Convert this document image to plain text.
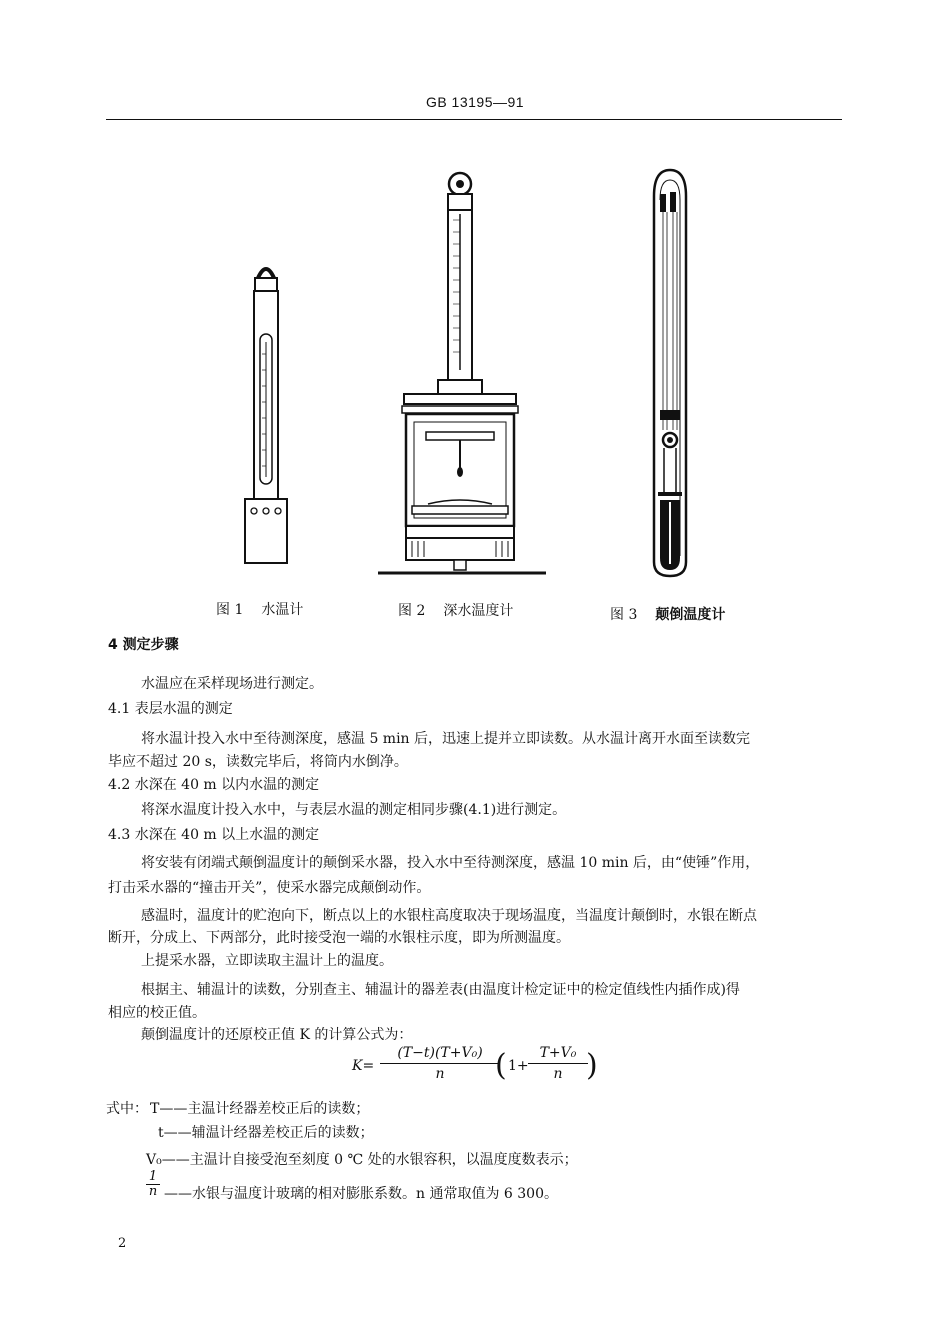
GB 13195—91
图 1 水温计	图 2 深水温度计	图 3 颠倒温度计
4 测定步骤
水温应在采样现场进行测定。
4.1 表层水温的测定
将水温计投入水中至待测深度，感温 5 min 后，迅速上提并立即读数。从水温计离开水面至读数完
毕应不超过 20 s，读数完毕后，将筒内水倒净。
4.2 水深在 40 m 以内水温的测定
将深水温度计投入水中，与表层水温的测定相同步骤(4.1)进行测定。
4.3 水深在 40 m 以上水温的测定
将安装有闭端式颠倒温度计的颠倒采水器，投入水中至待测深度，感温 10 min 后，由“使锤”作用，
打击采水器的“撞击开关”，使采水器完成颠倒动作。
感温时，温度计的贮泡向下，断点以上的水银柱高度取决于现场温度，当温度计颠倒时，水银在断点
断开，分成上、下两部分，此时接受泡一端的水银柱示度，即为所测温度。
上提采水器，立即读取主温计上的温度。
根据主、辅温计的读数，分别查主、辅温计的器差表(由温度计检定证中的检定值线性内插作成)得
相应的校正值。
颠倒温度计的还原校正值 K 的计算公式为：
K=
(T−t)(T+V₀)
n	( 1+
T+V₀
n )
式中： T——主温计经器差校正后的读数；
t——辅温计经器差校正后的读数；
V₀——主温计自接受泡至刻度 0 ℃ 处的水银容积，以温度度数表示；
1
n ——水银与温度计玻璃的相对膨胀系数。n 通常取值为 6 300。
2
